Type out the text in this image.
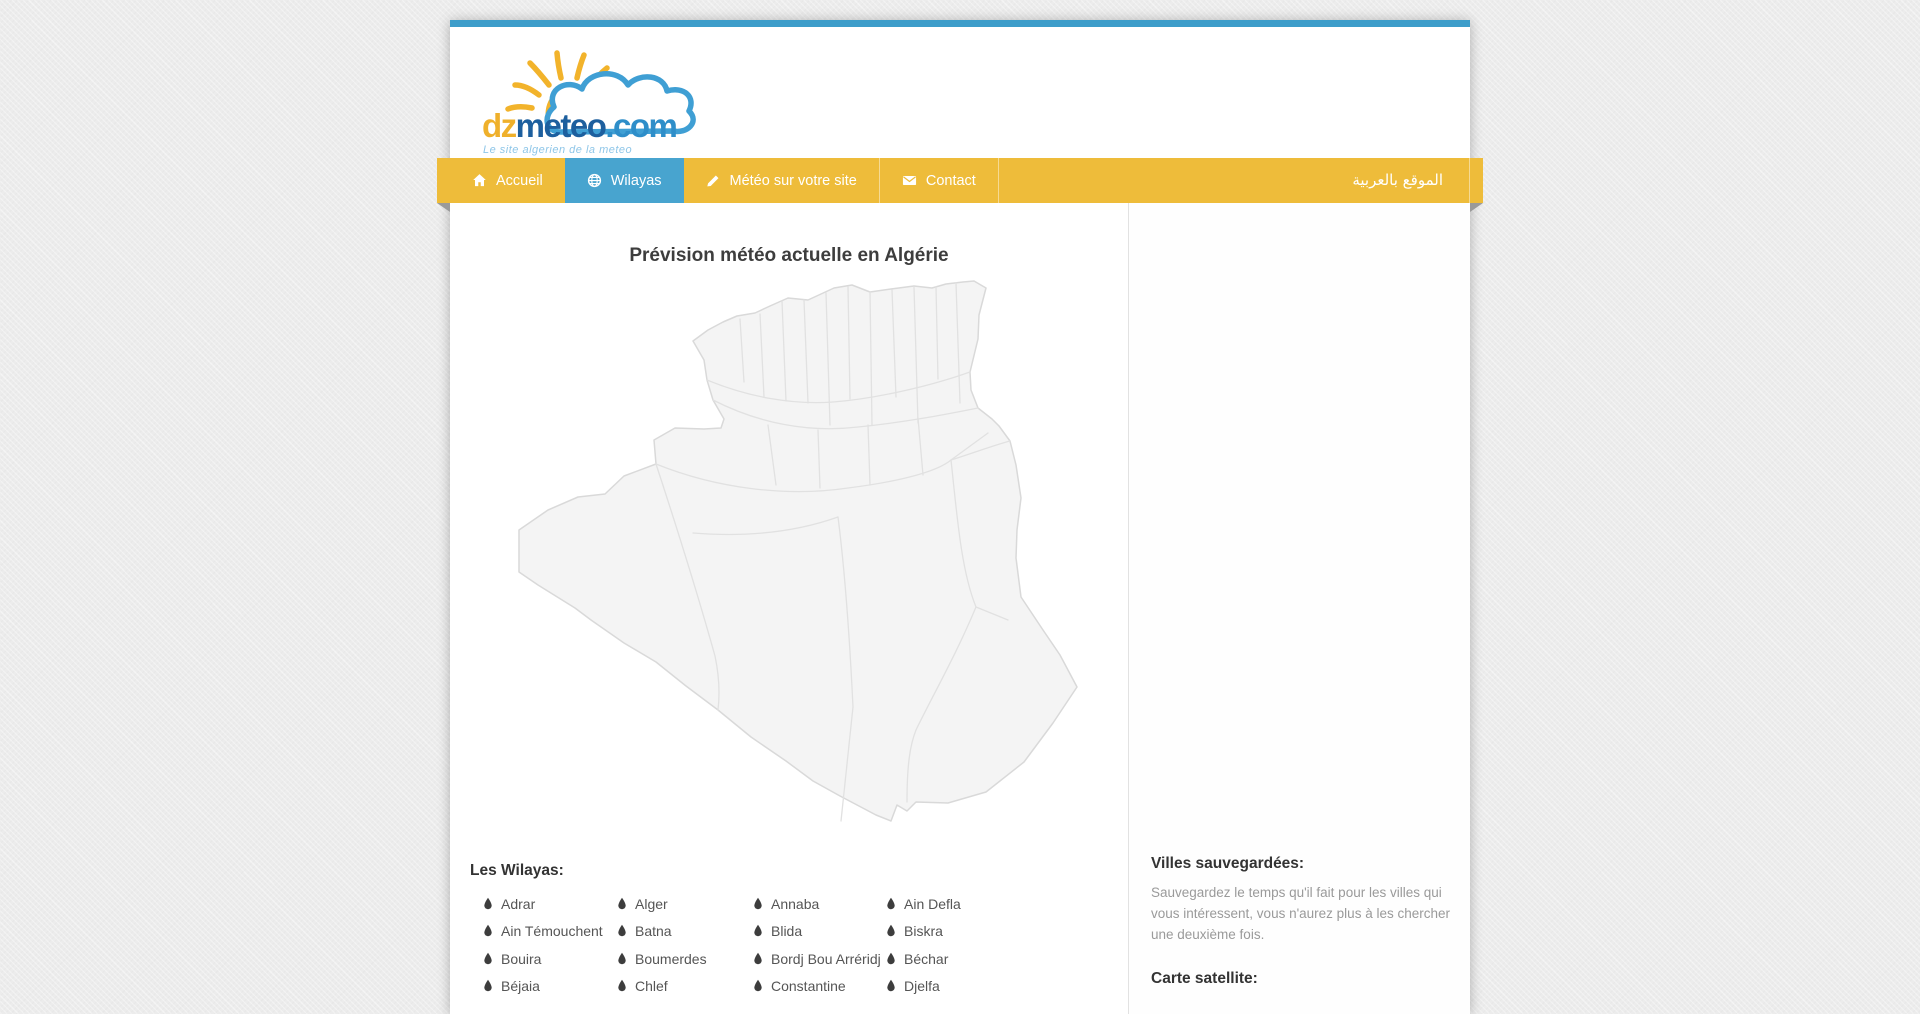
dzmeteo.com
Le site algerien de la meteo
Accueil	Wilayas	Météo sur votre site	Contact	الموقع بالعربية
Prévision météo actuelle en Algérie
Les Wilayas:
Adrar
Ain Témouchent
Bouira
Béjaia
Alger
Batna
Boumerdes
Chlef
Annaba
Blida
Bordj Bou Arréridj
Constantine
Ain Defla
Biskra
Béchar
Djelfa
Villes sauvegardées:

Sauvegardez le temps qu'il fait pour les villes qui vous intéressent, vous n'aurez plus à les chercher une deuxième fois.

Carte satellite:
